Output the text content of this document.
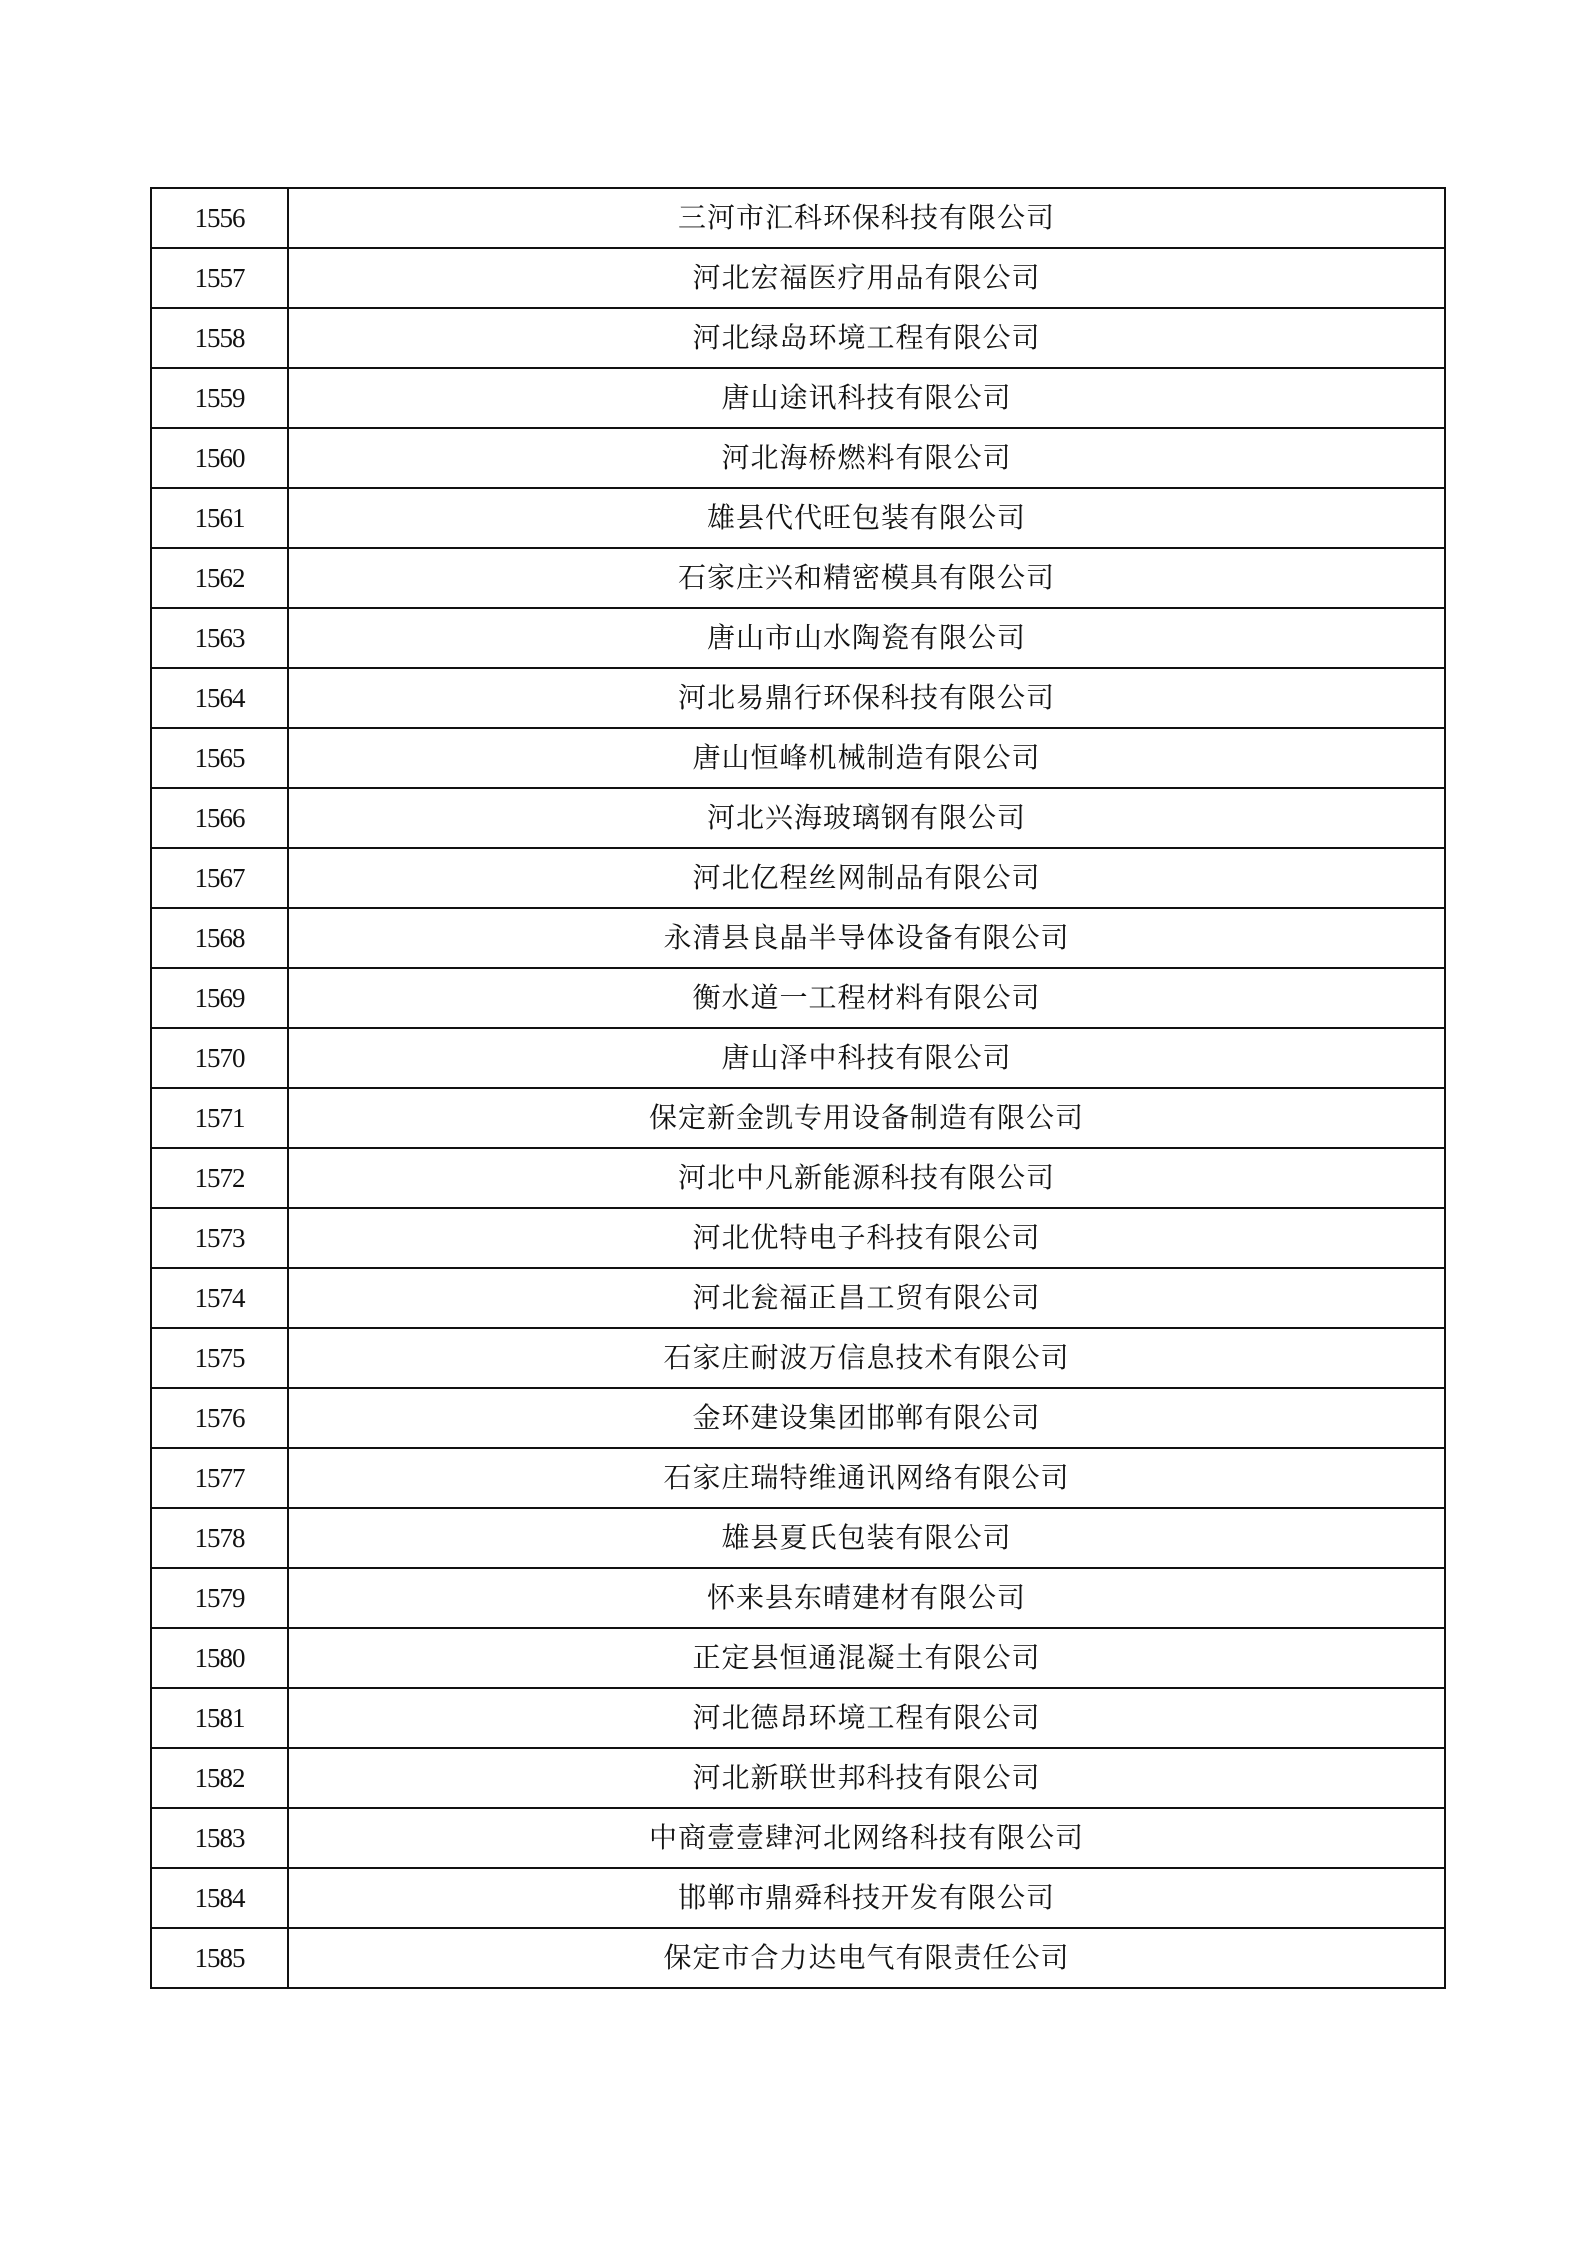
1556	三河市汇科环保科技有限公司
1557	河北宏福医疗用品有限公司
1558	河北绿岛环境工程有限公司
1559	唐山途讯科技有限公司
1560	河北海桥燃料有限公司
1561	雄县代代旺包装有限公司
1562	石家庄兴和精密模具有限公司
1563	唐山市山水陶瓷有限公司
1564	河北易鼎行环保科技有限公司
1565	唐山恒峰机械制造有限公司
1566	河北兴海玻璃钢有限公司
1567	河北亿程丝网制品有限公司
1568	永清县良晶半导体设备有限公司
1569	衡水道一工程材料有限公司
1570	唐山泽中科技有限公司
1571	保定新金凯专用设备制造有限公司
1572	河北中凡新能源科技有限公司
1573	河北优特电子科技有限公司
1574	河北瓮福正昌工贸有限公司
1575	石家庄耐波万信息技术有限公司
1576	金环建设集团邯郸有限公司
1577	石家庄瑞特维通讯网络有限公司
1578	雄县夏氏包装有限公司
1579	怀来县东晴建材有限公司
1580	正定县恒通混凝土有限公司
1581	河北德昂环境工程有限公司
1582	河北新联世邦科技有限公司
1583	中商壹壹肆河北网络科技有限公司
1584	邯郸市鼎舜科技开发有限公司
1585	保定市合力达电气有限责任公司
